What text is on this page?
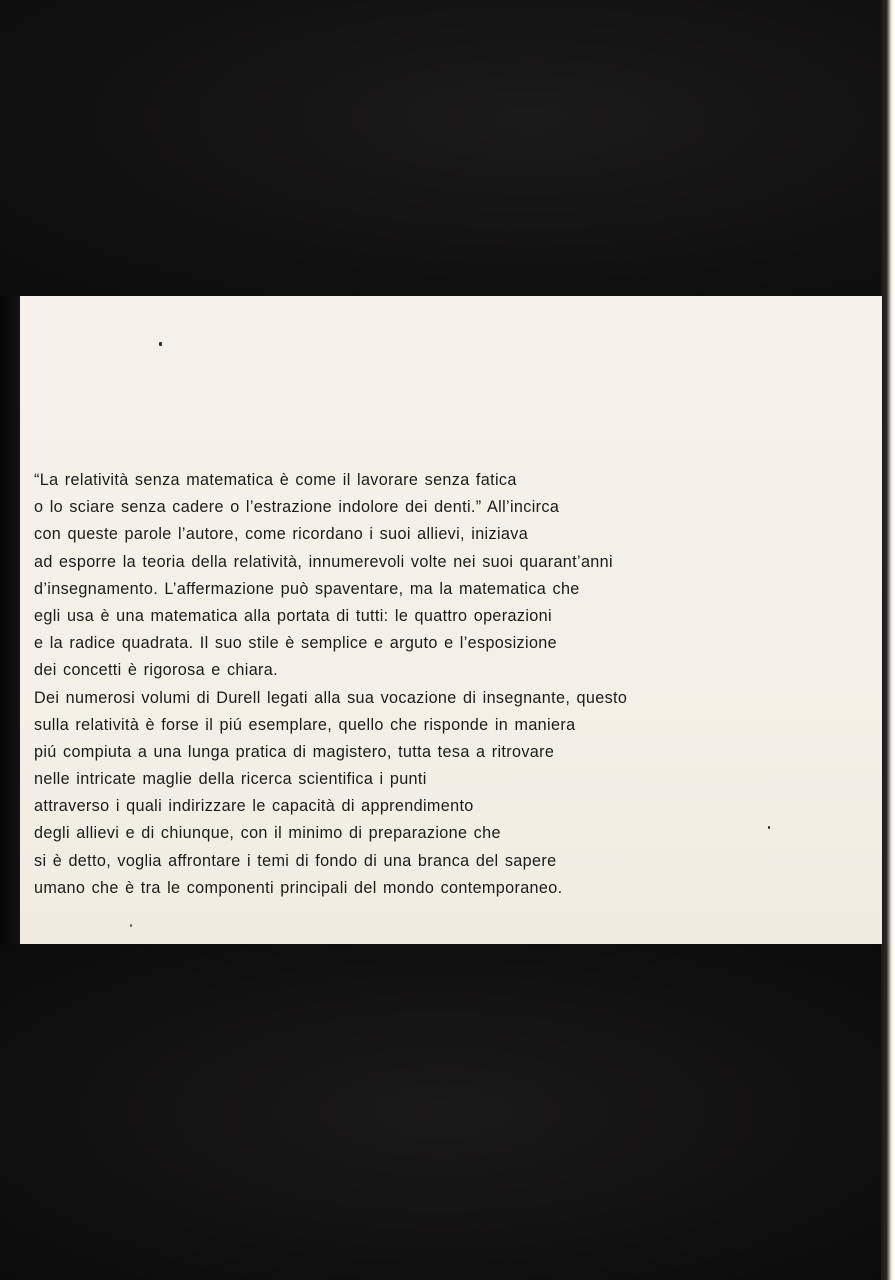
“La relatività senza matematica è come il lavorare senza fatica
o lo sciare senza cadere o l’estrazione indolore dei denti.” All’incirca
con queste parole l’autore, come ricordano i suoi allievi, iniziava
ad esporre la teoria della relatività, innumerevoli volte nei suoi quarant’anni
d’insegnamento. L’affermazione può spaventare, ma la matematica che
egli usa è una matematica alla portata di tutti: le quattro operazioni
e la radice quadrata. Il suo stile è semplice e arguto e l’esposizione
dei concetti è rigorosa e chiara.
Dei numerosi volumi di Durell legati alla sua vocazione di insegnante, questo
sulla relatività è forse il piú esemplare, quello che risponde in maniera
piú compiuta a una lunga pratica di magistero, tutta tesa a ritrovare
nelle intricate maglie della ricerca scientifica i punti
attraverso i quali indirizzare le capacità di apprendimento
degli allievi e di chiunque, con il minimo di preparazione che
si è detto, voglia affrontare i temi di fondo di una branca del sapere
umano che è tra le componenti principali del mondo contemporaneo.
